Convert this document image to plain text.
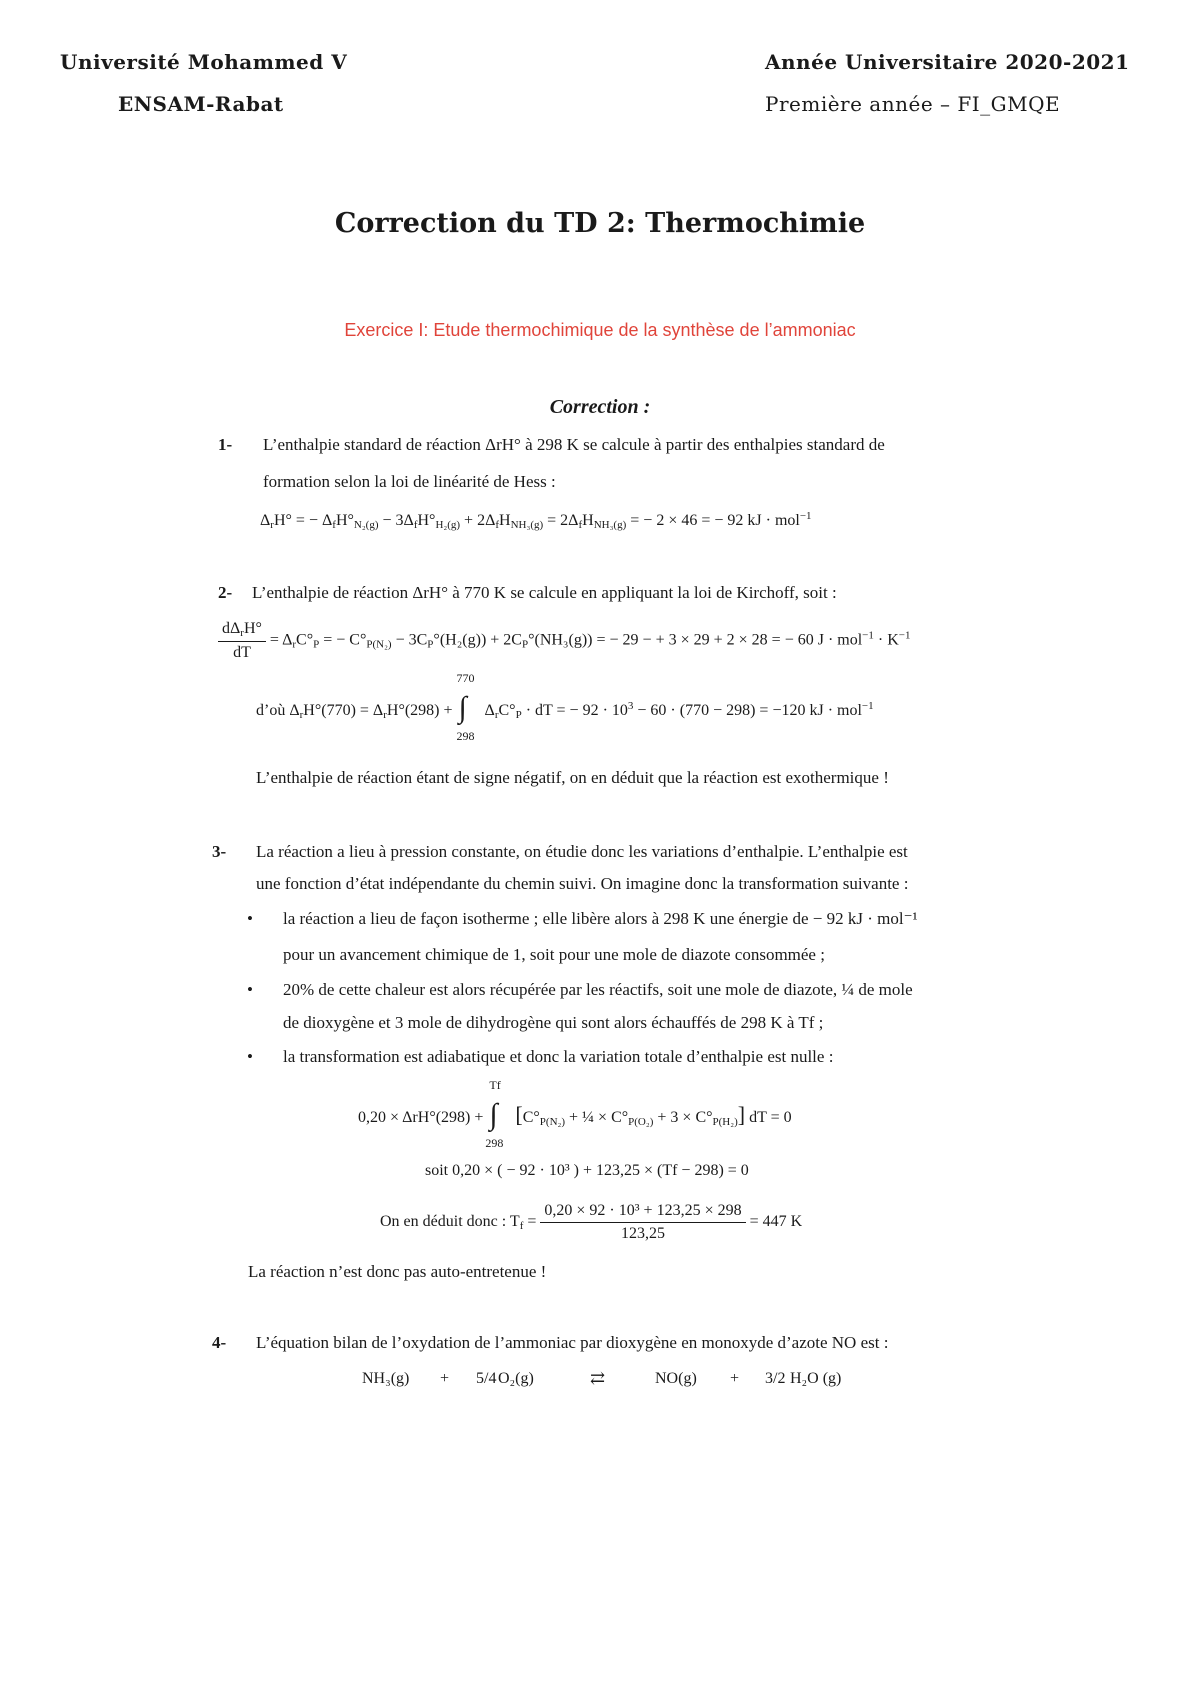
Université Mohammed V
ENSAM-Rabat
Année Universitaire 2020-2021
Première année – FI_GMQE
Correction du TD 2: Thermochimie
Exercice I: Etude thermochimique de la synthèse de l’ammoniac
Correction :
1- L’enthalpie standard de réaction ΔrH° à 298 K se calcule à partir des enthalpies standard de
formation selon la loi de linéarité de Hess :
$\Delta_rH^\circ$ = − $\Delta_fH^\circ_{N_2(g)} - 3\Delta_fH^\circ_{H_2(g)} + 2\Delta_fH_{NH_3(g)} = 2\Delta_fH_{NH_3(g)}$ = − 2 × 46 = − 92 kJ · mol$^{-1}$
2- L’enthalpie de réaction ΔrH° à 770 K se calcule en appliquant la loi de Kirchoff, soit :
$\frac{d\Delta_rH^\circ}{dT} = \Delta_rC^\circ_P$ = − $C^\circ_{P(N_2)} - 3C_P^\circ(H_2(g)) + 2C_P^\circ(NH_3(g))$ = − 29 − + 3 × 29 + 2 × 28 = − 60 $J \cdot mol^{-1} \cdot K^{-1}$
d’où $\Delta_rH^\circ(770) = \Delta_rH^\circ(298)$ +
770
∫
298
$\Delta_rC^\circ_P$ · dT = − $92 \cdot 10^3 - 60 \cdot (770 - 298) = -120$ kJ · mol$^{-1}$
L’enthalpie de réaction étant de signe négatif, on en déduit que la réaction est exothermique !
3- La réaction a lieu à pression constante, on étudie donc les variations d’enthalpie. L’enthalpie est
une fonction d’état indépendante du chemin suivi. On imagine donc la transformation suivante :
• la réaction a lieu de façon isotherme ; elle libère alors à 298 K une énergie de − 92 kJ · mol⁻¹
pour un avancement chimique de 1, soit pour une mole de diazote consommée ;
• 20% de cette chaleur est alors récupérée par les réactifs, soit une mole de diazote, ¼ de mole
de dioxygène et 3 mole de dihydrogène qui sont alors échauffés de 298 K à Tf ;
• la transformation est adiabatique et donc la variation totale d’enthalpie est nulle :
0,20 × ΔrH°(298) +
Tf
∫
298
[$C^\circ_{P(N_2)}$ + ¼ × $C^\circ_{P(O_2)} + 3 \times C^\circ_{P(H_2)}$] dT = 0
soit 0,20 × ( − 92 · 10³ ) + 123,25 × (Tf − 298) = 0
On en déduit donc : $T_f = \frac{\text{0,20 × 92 · 10³ + 123,25 × 298}}{123,25} = 447$ K
La réaction n’est donc pas auto-entretenue !
4- L’équation bilan de l’oxydation de l’ammoniac par dioxygène en monoxyde d’azote NO est :
NH₃(g) + 5/4 O₂(g)	⇄	NO(g) + 3/2 H₂O (g)
